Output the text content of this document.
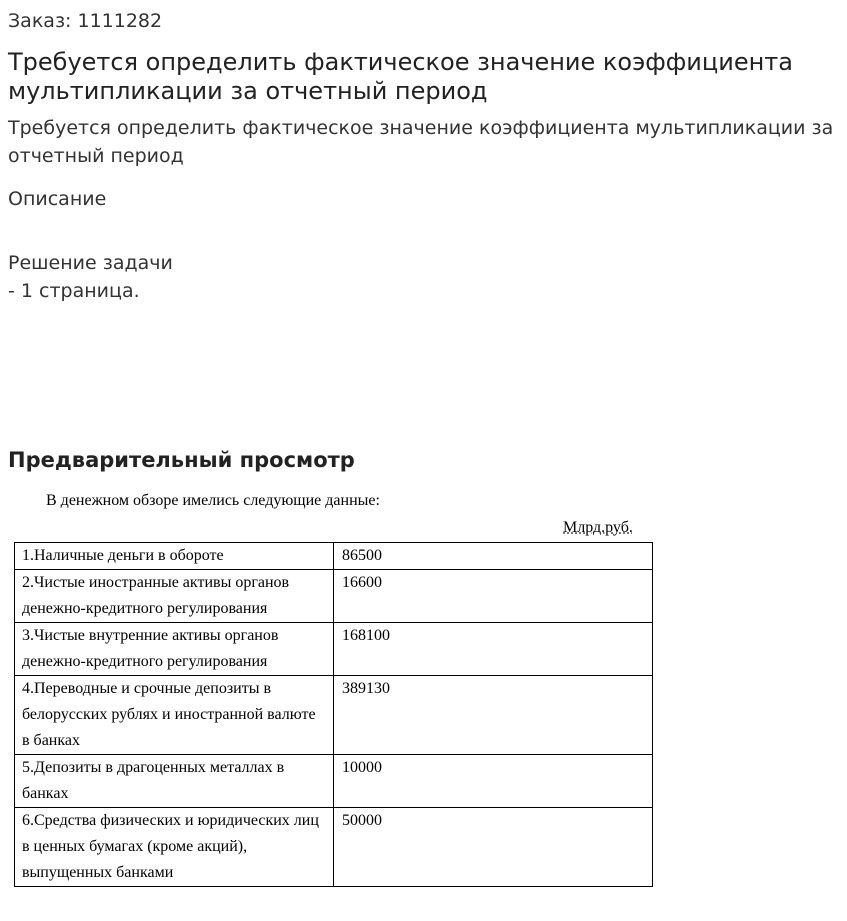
Заказ: 1111282
Требуется определить фактическое значение коэффициента мультипликации за отчетный период
Требуется определить фактическое значение коэффициента мультипликации за отчетный период
Описание
Решение задачи
- 1 страница.
Предварительный просмотр
В денежном обзоре имелись следующие данные:
Млрд.руб.
1.Наличные деньги в обороте	86500
2.Чистые иностранные активы органов денежно-кредитного регулирования	16600
3.Чистые внутренние активы органов денежно-кредитного регулирования	168100
4.Переводные и срочные депозиты в белорусских рублях и иностранной валюте в банках	389130
5.Депозиты в драгоценных металлах в банках	10000
6.Средства физических и юридических лиц в ценных бумагах (кроме акций), выпущенных банками	50000
